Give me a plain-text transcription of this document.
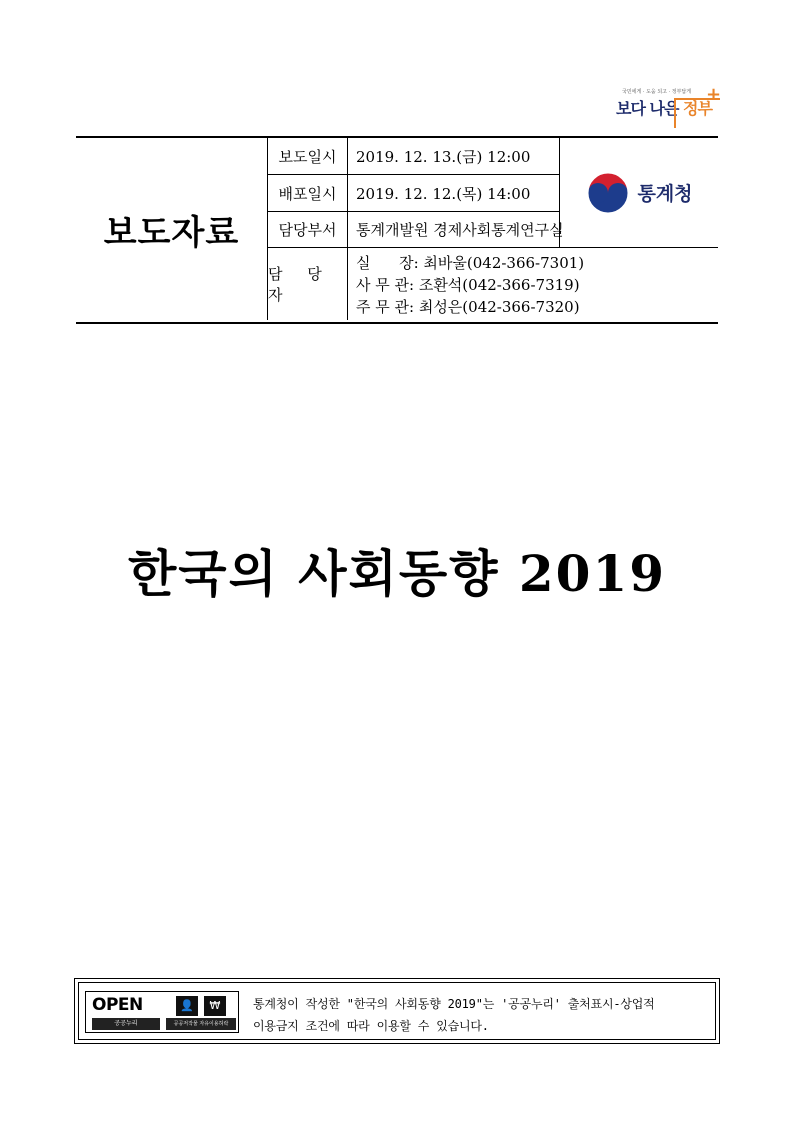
국민에게 · 도움 되고 · 정부답게
보다 나은 정부
+
보도자료
보도일시	2019. 12. 13.(금) 12:00
배포일시	2019. 12. 12.(목) 14:00
담당부서	통계개발원 경제사회통계연구실
통계청
담 당 자
실      장: 최바울(042-366-7301)
사 무 관: 조환석(042-366-7319)
주 무 관: 최성은(042-366-7320)
한국의 사회동향 2019
OPEN
공공누리
👤	₩
공공저작물 자유이용허락
통계청이 작성한 "한국의 사회동향 2019"는 '공공누리' 출처표시-상업적
이용금지 조건에 따라 이용할 수 있습니다.
